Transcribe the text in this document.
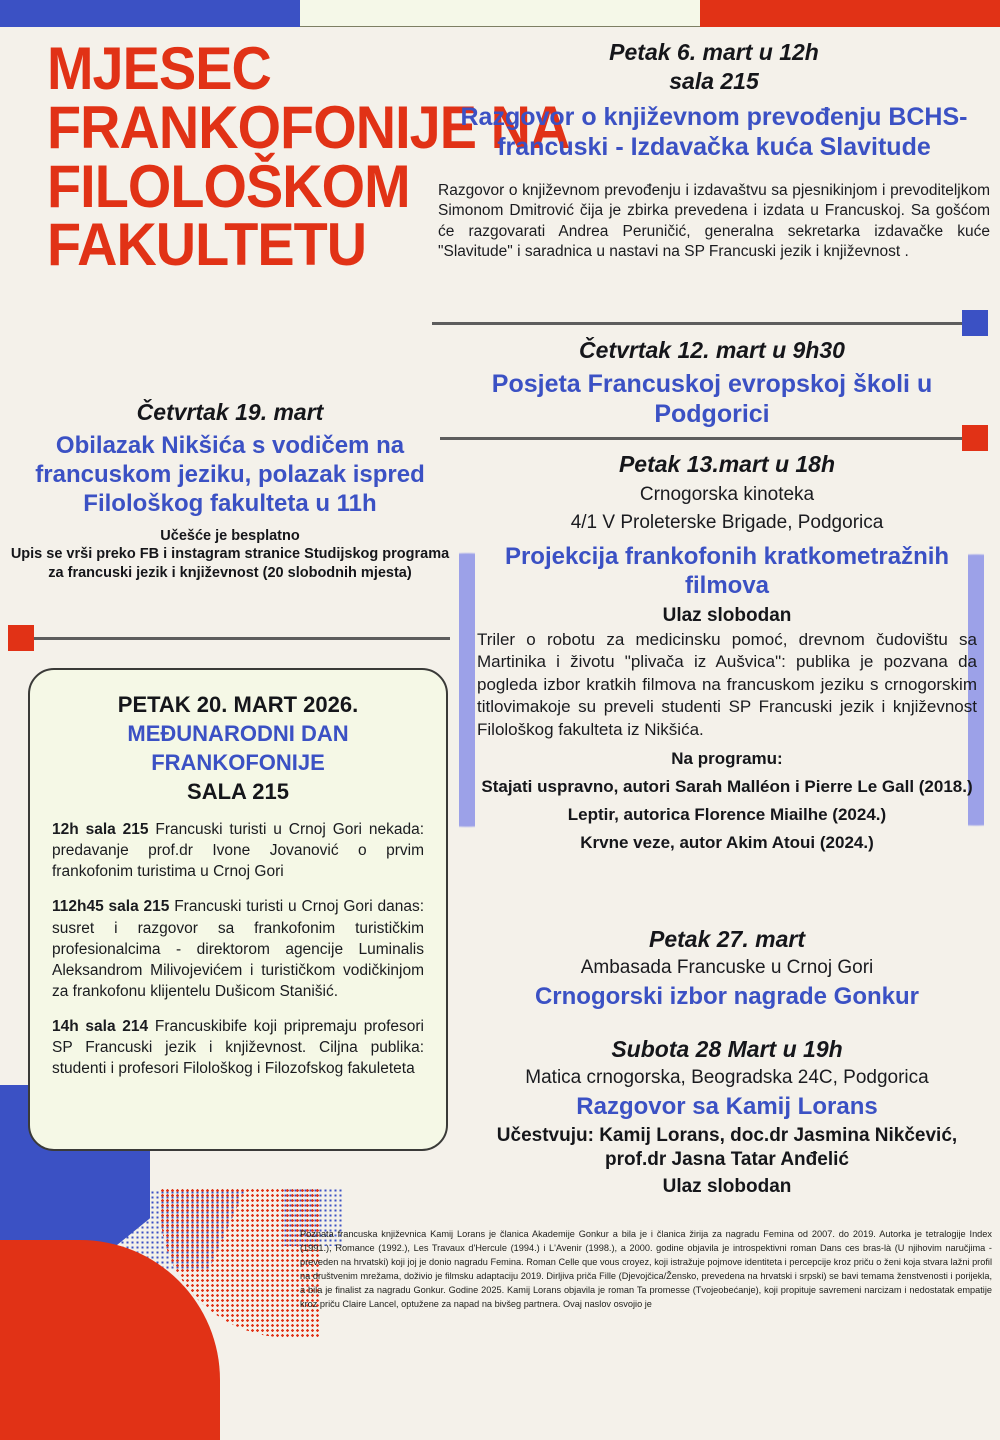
MJESEC
FRANKOFONIJE NA
FILOLOŠKOM
FAKULTETU
Petak 6. mart u 12h
sala 215
Razgovor o književnom prevođenju BCHS- francuski - Izdavačka kuća Slavitude
Razgovor o književnom prevođenju i izdavaštvu sa pjesnikinjom i prevoditeljkom Simonom Dmitrović čija je zbirka prevedena i izdata u Francuskoj. Sa gošćom će razgovarati Andrea Peruničić, generalna sekretarka izdavačke kuće "Slavitude" i saradnica u nastavi na SP Francuski jezik i književnost .
Četvrtak 12. mart u 9h30
Posjeta Francuskoj evropskoj školi u Podgorici
Četvrtak 19. mart
Obilazak Nikšića s vodičem na francuskom jeziku, polazak ispred Filološkog fakulteta u 11h
Učešće je besplatno
Upis se vrši preko FB i instagram stranice Studijskog programa za francuski jezik i književnost (20 slobodnih mjesta)
Petak 13.mart u 18h
Crnogorska kinoteka
4/1 V Proleterske Brigade, Podgorica
Projekcija frankofonih kratkometražnih filmova
Ulaz slobodan
Triler o robotu za medicinsku pomoć, drevnom čudovištu sa Martinika i životu "plivača iz Aušvica": publika je pozvana da pogleda izbor kratkih filmova na francuskom jeziku s crnogorskim titlovimakoje su preveli studenti SP Francuski jezik i književnost Filološkog fakulteta iz Nikšića.
Na programu:
Stajati uspravno, autori Sarah Malléon i Pierre Le Gall (2018.)
Leptir, autorica Florence Miailhe (2024.)
Krvne veze, autor Akim Atoui (2024.)
Petak 27. mart
Ambasada Francuske u Crnoj Gori
Crnogorski izbor nagrade Gonkur
Subota 28 Mart u 19h
Matica crnogorska, Beogradska 24C, Podgorica
Razgovor sa Kamij Lorans
Učestvuju: Kamij Lorans, doc.dr Jasmina Nikčević, prof.dr Jasna Tatar Anđelić
Ulaz slobodan
PETAK 20. MART 2026.
MEĐUNARODNI DAN FRANKOFONIJE
SALA 215
12h sala 215 Francuski turisti u Crnoj Gori nekada: predavanje prof.dr Ivone Jovanović o prvim frankofonim turistima u Crnoj Gori
112h45 sala 215 Francuski turisti u Crnoj Gori danas: susret i razgovor sa frankofonim turističkim profesionalcima - direktorom agencije Luminalis Aleksandrom Milivojevićem i turističkom vodičkinjom za frankofonu klijentelu Dušicom Stanišić.
14h sala 214 Francuskibife koji pripremaju profesori SP Francuski jezik i književnost. Ciljna publika: studenti i profesori Filološkog i Filozofskog fakuleteta

Poznata francuska književnica Kamij Lorans je članica Akademije Gonkur a bila je i članica žirija za nagradu Femina od 2007. do 2019. Autorka je tetralogije Index (1991.), Romance (1992.), Les Travaux d'Hercule (1994.) i L'Avenir (1998.), a 2000. godine objavila je introspektivni roman Dans ces bras-là (U njihovim naručjima - preveden na hrvatski) koji joj je donio nagradu Femina. Roman Celle que vous croyez, koji istražuje pojmove identiteta i percepcije kroz priču o ženi koja stvara lažni profil na društvenim mrežama, doživio je filmsku adaptaciju 2019. Dirljiva priča Fille (Djevojčica/Žensko, prevedena na hrvatski i srpski) se bavi temama ženstvenosti i porijekla, a bila je finalist za nagradu Gonkur. Godine 2025. Kamij Lorans objavila je roman Ta promesse (Tvojeobećanje), koji propituje savremeni narcizam i nedostatak empatije kroz priču Claire Lancel, optužene za napad na bivšeg partnera. Ovaj naslov osvojio je
